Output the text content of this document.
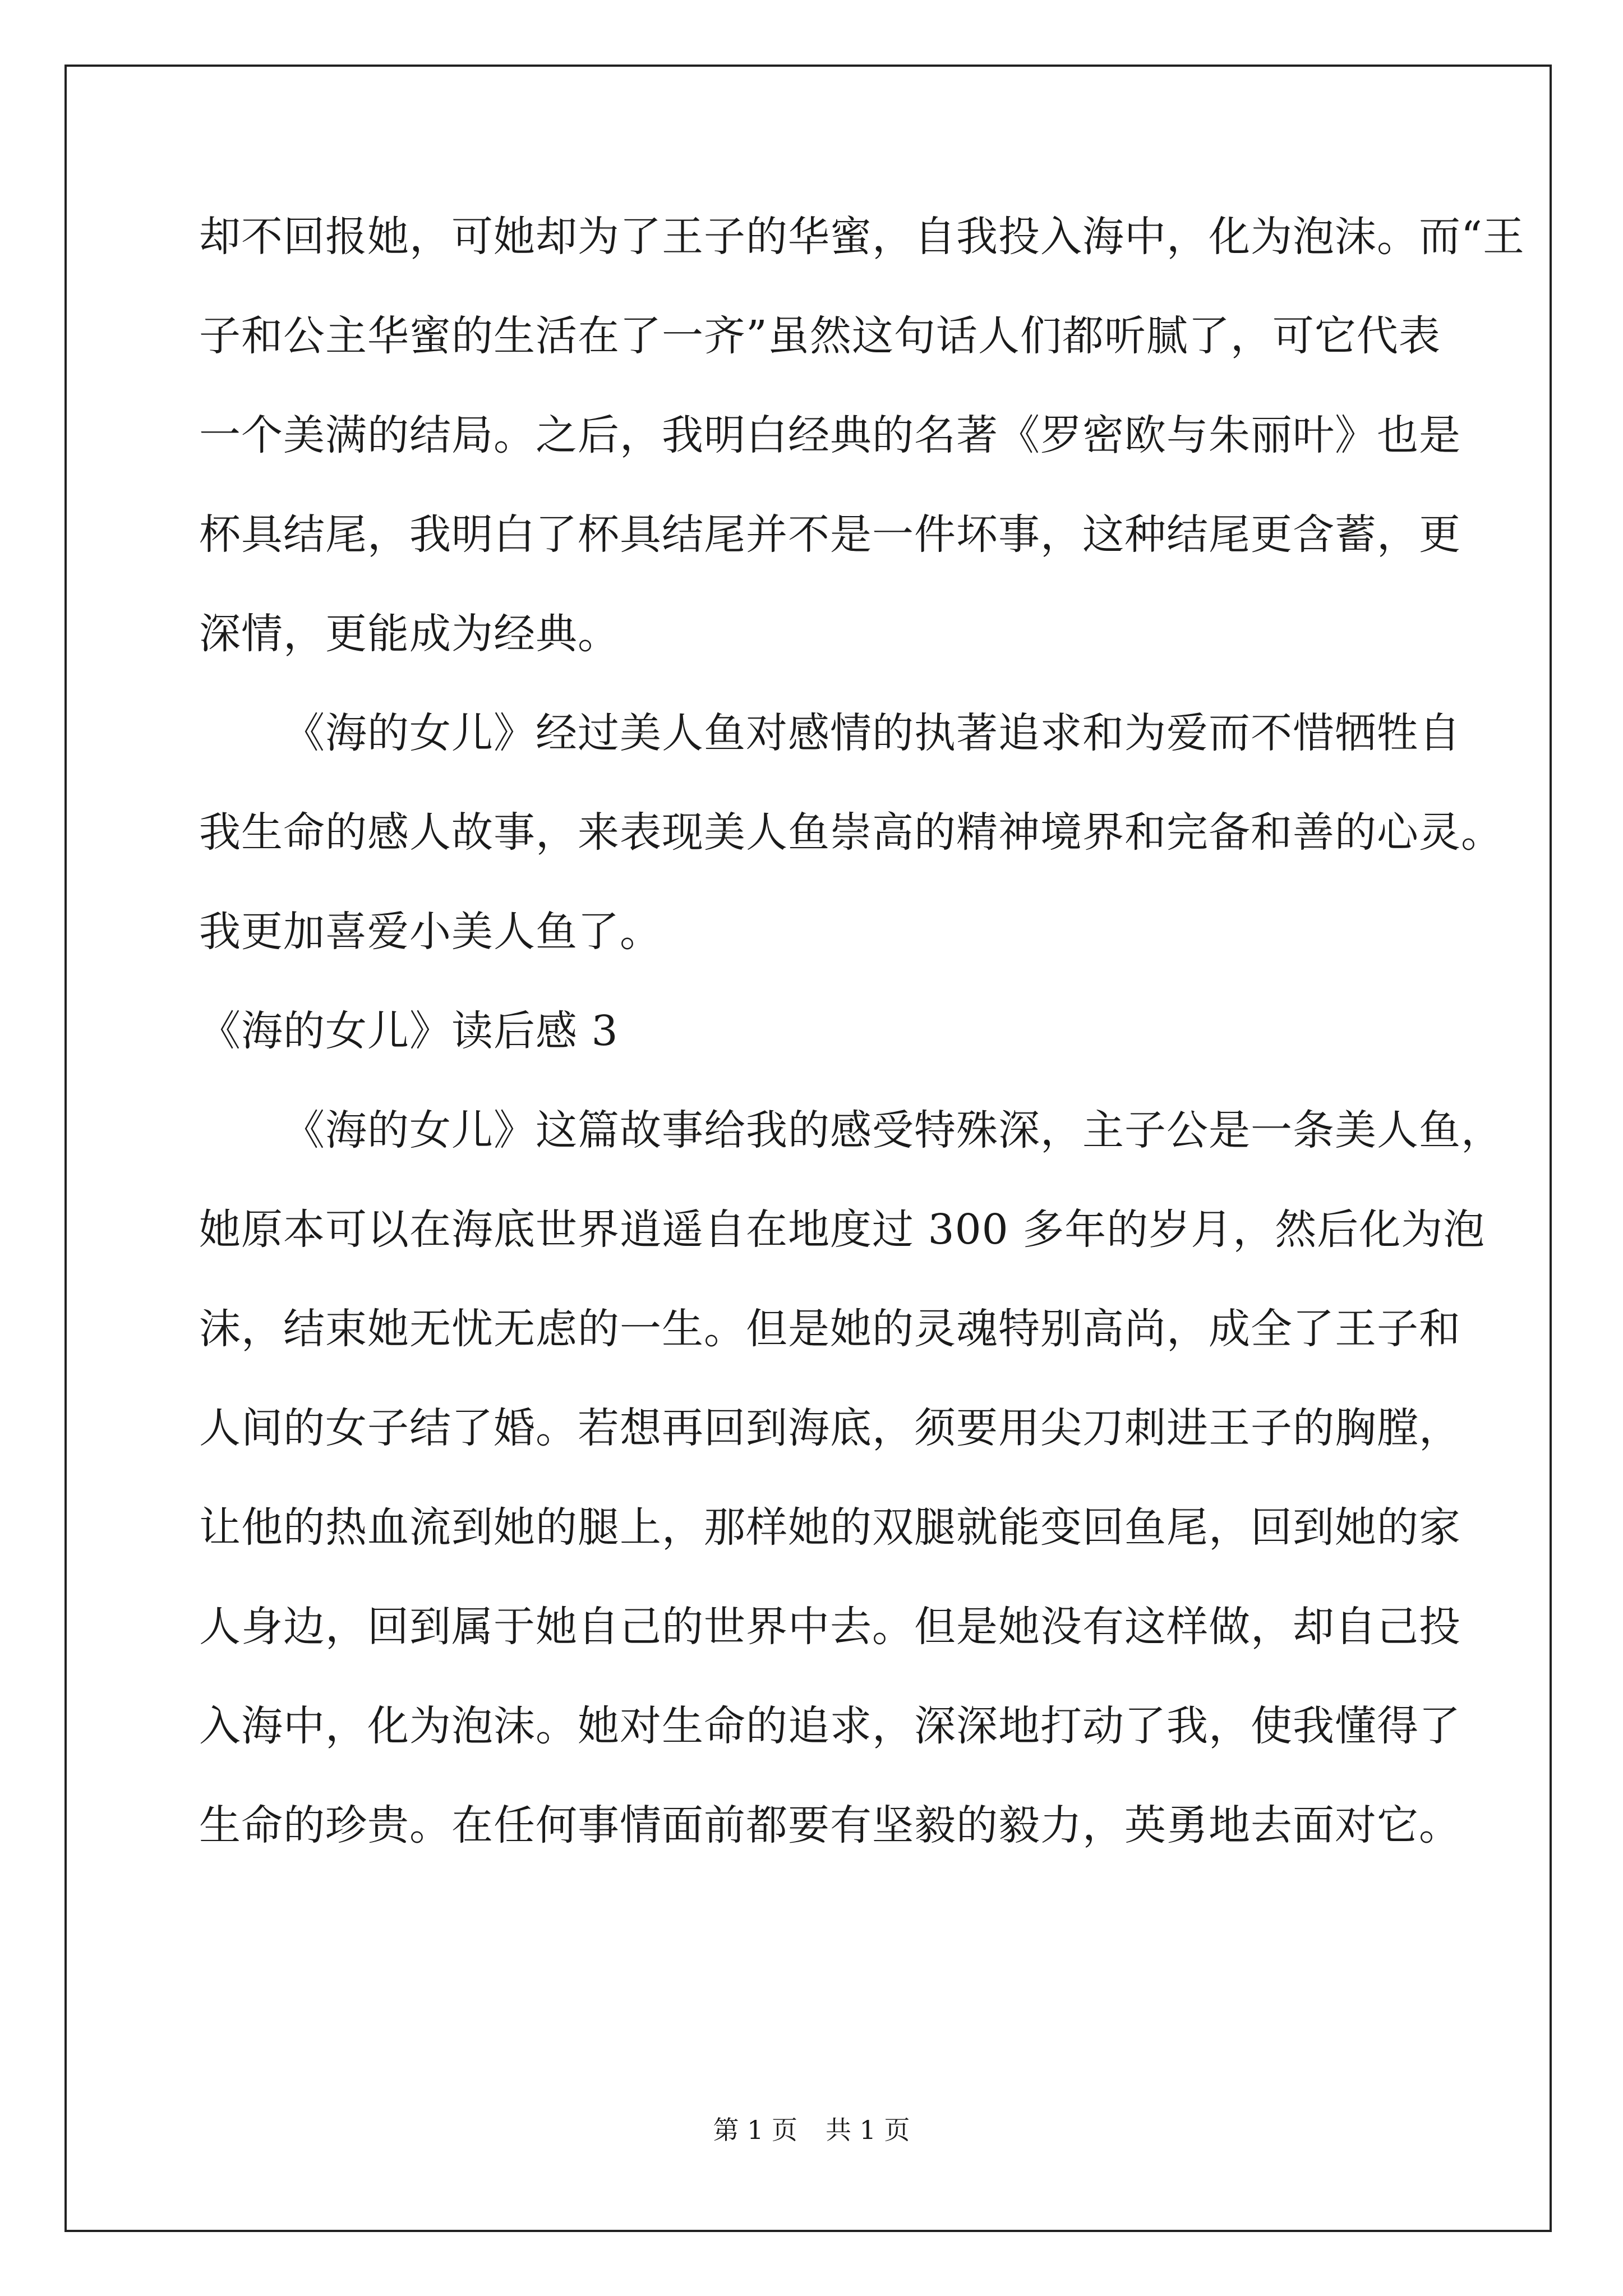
却不回报她，可她却为了王子的华蜜，自我投入海中，化为泡沫。而“王
子和公主华蜜的生活在了一齐”虽然这句话人们都听腻了，可它代表
一个美满的结局。之后，我明白经典的名著《罗密欧与朱丽叶》也是
杯具结尾，我明白了杯具结尾并不是一件坏事，这种结尾更含蓄，更
深情，更能成为经典。
《海的女儿》经过美人鱼对感情的执著追求和为爱而不惜牺牲自
我生命的感人故事，来表现美人鱼崇高的精神境界和完备和善的心灵。
我更加喜爱小美人鱼了。
《海的女儿》读后感 3
《海的女儿》这篇故事给我的感受特殊深，主子公是一条美人鱼，
她原本可以在海底世界逍遥自在地度过 300 多年的岁月，然后化为泡
沫，结束她无忧无虑的一生。但是她的灵魂特别高尚，成全了王子和
人间的女子结了婚。若想再回到海底，须要用尖刀刺进王子的胸膛，
让他的热血流到她的腿上，那样她的双腿就能变回鱼尾，回到她的家
人身边，回到属于她自己的世界中去。但是她没有这样做，却自己投
入海中，化为泡沫。她对生命的追求，深深地打动了我，使我懂得了
生命的珍贵。在任何事情面前都要有坚毅的毅力，英勇地去面对它。
第 1 页 共 1 页
